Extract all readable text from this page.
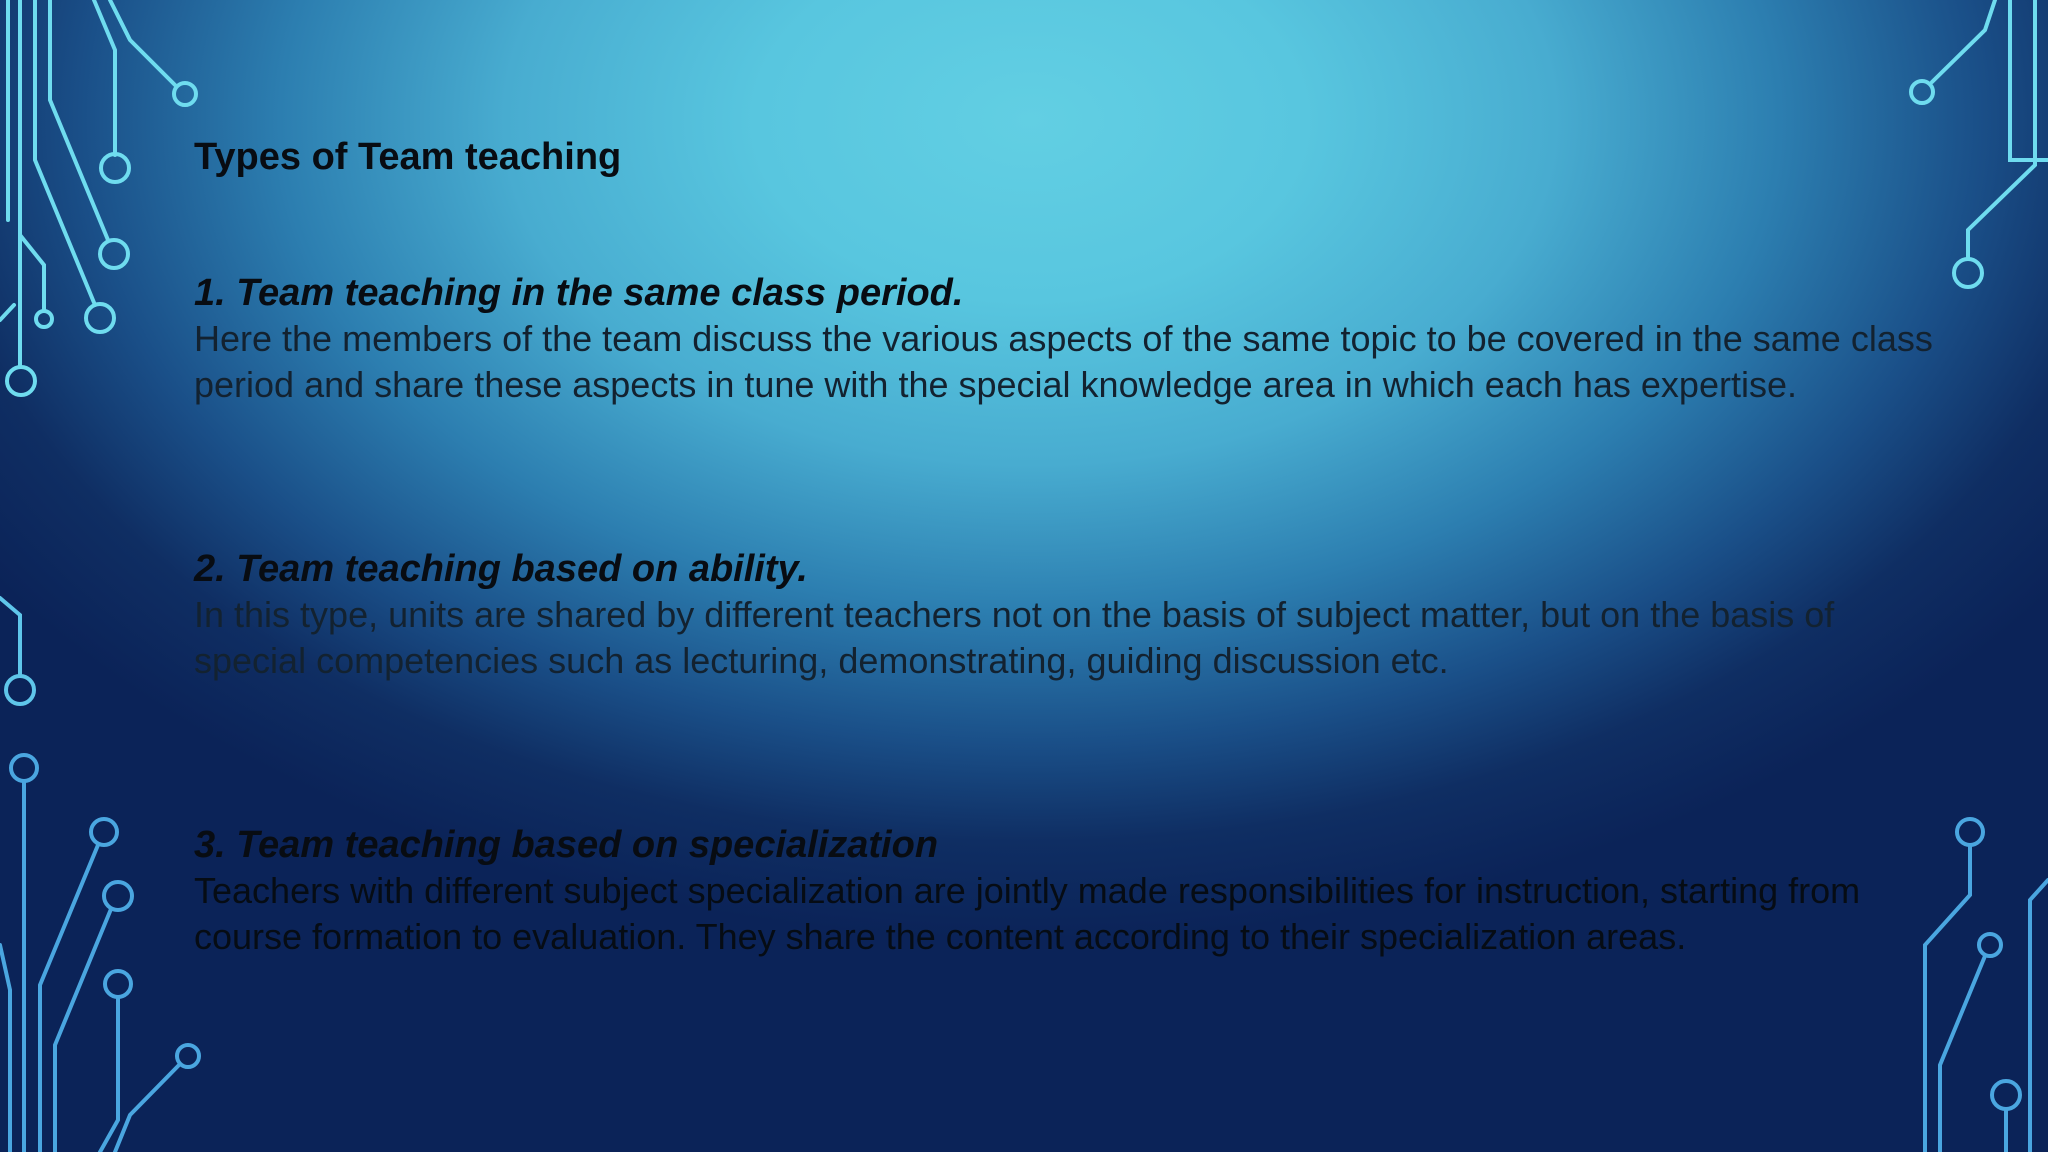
Types of Team teaching

1. Team teaching in the same class period.

Here the members of the team discuss the various aspects of the same topic to be covered in the same class period and share these aspects in tune with the special knowledge area in which each has expertise.

2. Team teaching based on ability.

In this type, units are shared by different teachers not on the basis of subject matter, but on the basis of special competencies such as lecturing, demonstrating, guiding discussion etc.

3. Team teaching based on specialization

Teachers with different subject specialization are jointly made responsibilities for instruction, starting from course formation to evaluation. They share the content according to their specialization areas.
